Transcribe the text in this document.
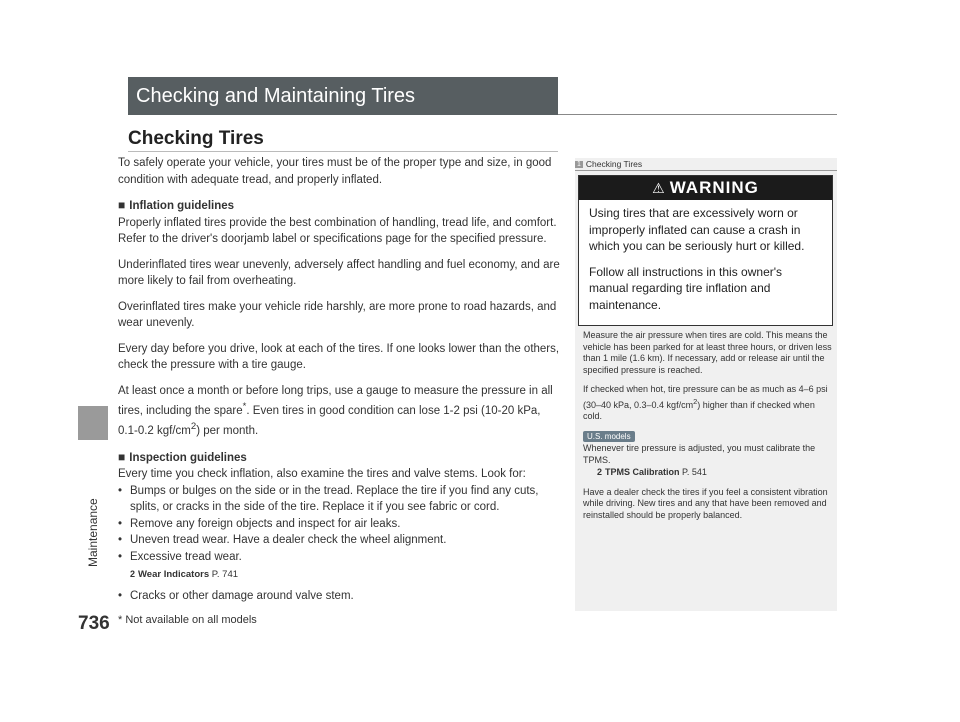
Maintenance
736
Checking and Maintaining Tires
Checking Tires

To safely operate your vehicle, your tires must be of the proper type and size, in good condition with adequate tread, and properly inflated.

■ Inflation guidelines

Properly inflated tires provide the best combination of handling, tread life, and comfort. Refer to the driver's doorjamb label or specifications page for the specified pressure.

Underinflated tires wear unevenly, adversely affect handling and fuel economy, and are more likely to fail from overheating.

Overinflated tires make your vehicle ride harshly, are more prone to road hazards, and wear unevenly.

Every day before you drive, look at each of the tires. If one looks lower than the others, check the pressure with a tire gauge.

At least once a month or before long trips, use a gauge to measure the pressure in all tires, including the spare*. Even tires in good condition can lose 1-2 psi (10-20 kPa, 0.1-0.2 kgf/$cm^2$) per month.

■ Inspection guidelines
Every time you check inflation, also examine the tires and valve stems. Look for:
• Bumps or bulges on the side or in the tread. Replace the tire if you find any cuts, splits, or cracks in the side of the tire. Replace it if you see fabric or cord.
• Remove any foreign objects and inspect for air leaks.
• Uneven tread wear. Have a dealer check the wheel alignment.
• Excessive tread wear.
2 Wear Indicators P. 741
• Cracks or other damage around valve stem.
* Not available on all models
1 Checking Tires
⚠ WARNING

Using tires that are excessively worn or improperly inflated can cause a crash in which you can be seriously hurt or killed.

Follow all instructions in this owner's manual regarding tire inflation and maintenance.

Measure the air pressure when tires are cold. This means the vehicle has been parked for at least three hours, or driven less than 1 mile (1.6 km). If necessary, add or release air until the specified pressure is reached.

If checked when hot, tire pressure can be as much as 4–6 psi (30–40 kPa, 0.3–0.4 kgf/$cm^2$) higher than if checked when cold.

U.S. models
Whenever tire pressure is adjusted, you must calibrate the TPMS.
2 TPMS Calibration P. 541

Have a dealer check the tires if you feel a consistent vibration while driving. New tires and any that have been removed and reinstalled should be properly balanced.
